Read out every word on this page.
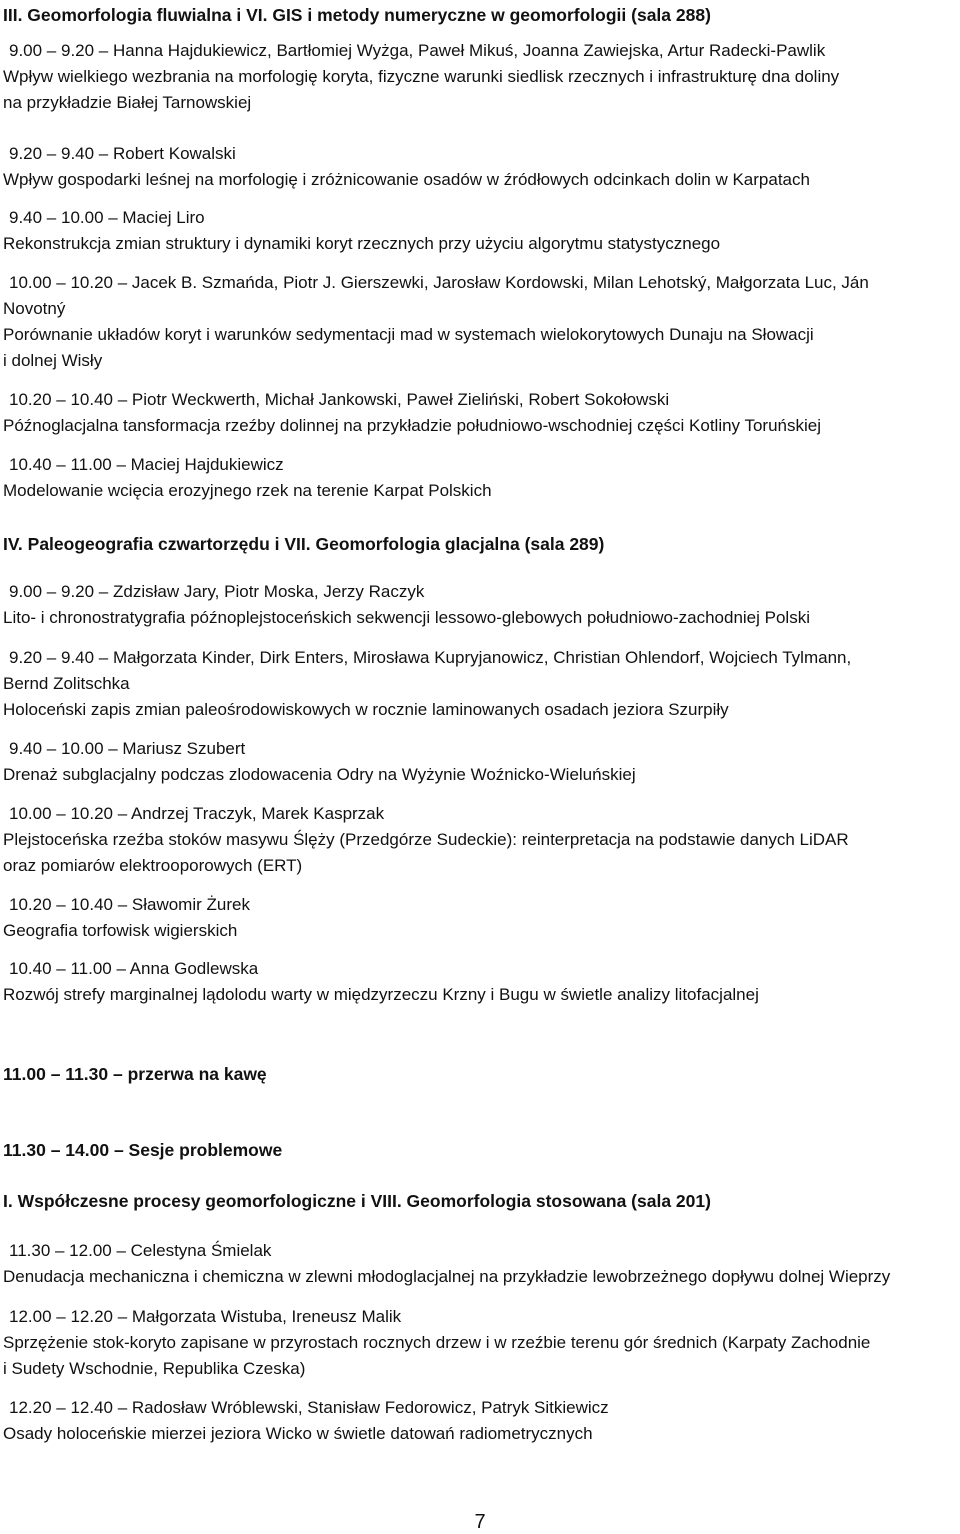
III. Geomorfologia fluwialna i VI. GIS i metody numeryczne w geomorfologii (sala 288)
9.00 – 9.20 – Hanna Hajdukiewicz, Bartłomiej Wyżga, Paweł Mikuś, Joanna Zawiejska, Artur Radecki-Pawlik
Wpływ wielkiego wezbrania na morfologię koryta, fizyczne warunki siedlisk rzecznych i infrastrukturę dna doliny
na przykładzie Białej Tarnowskiej
9.20 – 9.40 – Robert Kowalski
Wpływ gospodarki leśnej na morfologię i zróżnicowanie osadów w źródłowych odcinkach dolin w Karpatach
9.40 – 10.00 – Maciej Liro
Rekonstrukcja zmian struktury i dynamiki koryt rzecznych przy użyciu algorytmu statystycznego
10.00 – 10.20 – Jacek B. Szmańda, Piotr J. Gierszewki, Jarosław Kordowski, Milan Lehotský, Małgorzata Luc, Ján
Novotný
Porównanie układów koryt i warunków sedymentacji mad w systemach wielokorytowych Dunaju na Słowacji
i dolnej Wisły
10.20 – 10.40 – Piotr Weckwerth, Michał Jankowski, Paweł Zieliński, Robert Sokołowski
Późnoglacjalna tansformacja rzeźby dolinnej na przykładzie południowo-wschodniej części Kotliny Toruńskiej
10.40 – 11.00 – Maciej Hajdukiewicz
Modelowanie wcięcia erozyjnego rzek na terenie Karpat Polskich
IV. Paleogeografia czwartorzędu i VII. Geomorfologia glacjalna (sala 289)
9.00 – 9.20 – Zdzisław Jary, Piotr Moska, Jerzy Raczyk
Lito- i chronostratygrafia późnoplejstoceńskich sekwencji lessowo-glebowych południowo-zachodniej Polski
9.20 – 9.40 – Małgorzata Kinder, Dirk Enters, Mirosława Kupryjanowicz, Christian Ohlendorf, Wojciech Tylmann,
Bernd Zolitschka
Holoceński zapis zmian paleośrodowiskowych w rocznie laminowanych osadach jeziora Szurpiły
9.40 – 10.00 – Mariusz Szubert
Drenaż subglacjalny podczas zlodowacenia Odry na Wyżynie Woźnicko-Wieluńskiej
10.00 – 10.20 – Andrzej Traczyk, Marek Kasprzak
Plejstoceńska rzeźba stoków masywu Ślęży (Przedgórze Sudeckie): reinterpretacja na podstawie danych LiDAR
oraz pomiarów elektrooporowych (ERT)
10.20 – 10.40 – Sławomir Żurek
Geografia torfowisk wigierskich
10.40 – 11.00 – Anna Godlewska
Rozwój strefy marginalnej lądolodu warty w międzyrzeczu Krzny i Bugu w świetle analizy litofacjalnej
11.00 – 11.30 – przerwa na kawę
11.30 – 14.00 – Sesje problemowe
I. Współczesne procesy geomorfologiczne i VIII. Geomorfologia stosowana (sala 201)
11.30 – 12.00 – Celestyna Śmielak
Denudacja mechaniczna i chemiczna w zlewni młodoglacjalnej na przykładzie lewobrzeżnego dopływu dolnej Wieprzy
12.00 – 12.20 – Małgorzata Wistuba, Ireneusz Malik
Sprzężenie stok-koryto zapisane w przyrostach rocznych drzew i w rzeźbie terenu gór średnich (Karpaty Zachodnie
i Sudety Wschodnie, Republika Czeska)
12.20 – 12.40 – Radosław Wróblewski, Stanisław Fedorowicz, Patryk Sitkiewicz
Osady holoceńskie mierzei jeziora Wicko w świetle datowań radiometrycznych
7
